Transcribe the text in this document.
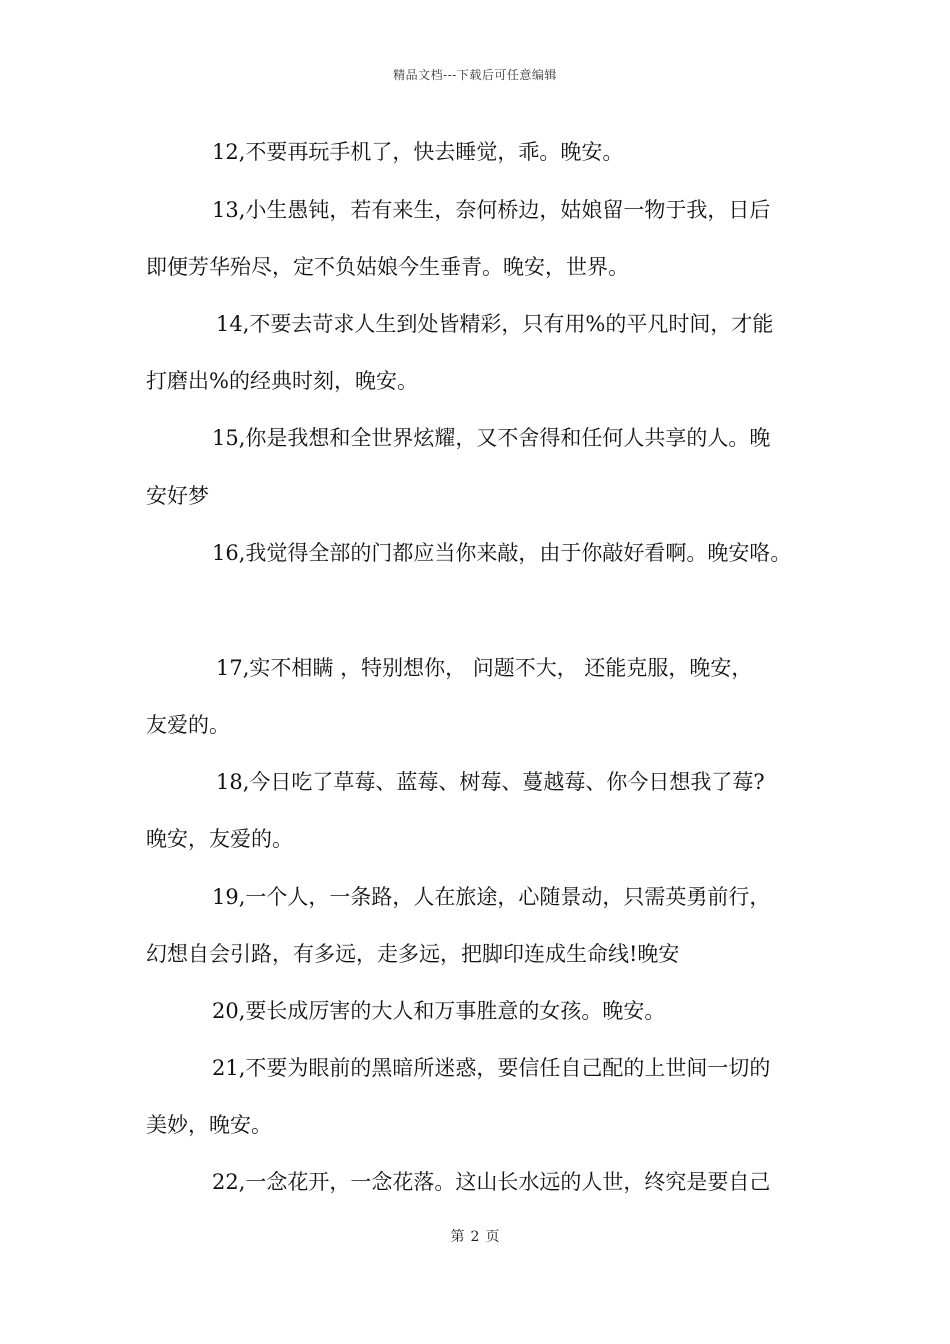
精品文档---下载后可任意编辑
12,不要再玩手机了，快去睡觉，乖。晚安。
13,小生愚钝，若有来生，奈何桥边，姑娘留一物于我，日后
即便芳华殆尽，定不负姑娘今生垂青。晚安，世界。
14,不要去苛求人生到处皆精彩，只有用%的平凡时间，才能
打磨出%的经典时刻，晚安。
15,你是我想和全世界炫耀，又不舍得和任何人共享的人。晚
安好梦
16,我觉得全部的门都应当你来敲，由于你敲好看啊。晚安咯。
17,实不相瞒 ，特别想你， 问题不大， 还能克服，晚安，
友爱的。
18,今日吃了草莓、蓝莓、树莓、蔓越莓、你今日想我了莓?
晚安，友爱的。
19,一个人，一条路，人在旅途，心随景动，只需英勇前行，
幻想自会引路，有多远，走多远，把脚印连成生命线!晚安
20,要长成厉害的大人和万事胜意的女孩。晚安。
21,不要为眼前的黑暗所迷惑，要信任自己配的上世间一切的
美妙，晚安。
22,一念花开，一念花落。这山长水远的人世，终究是要自己
第 2 页
